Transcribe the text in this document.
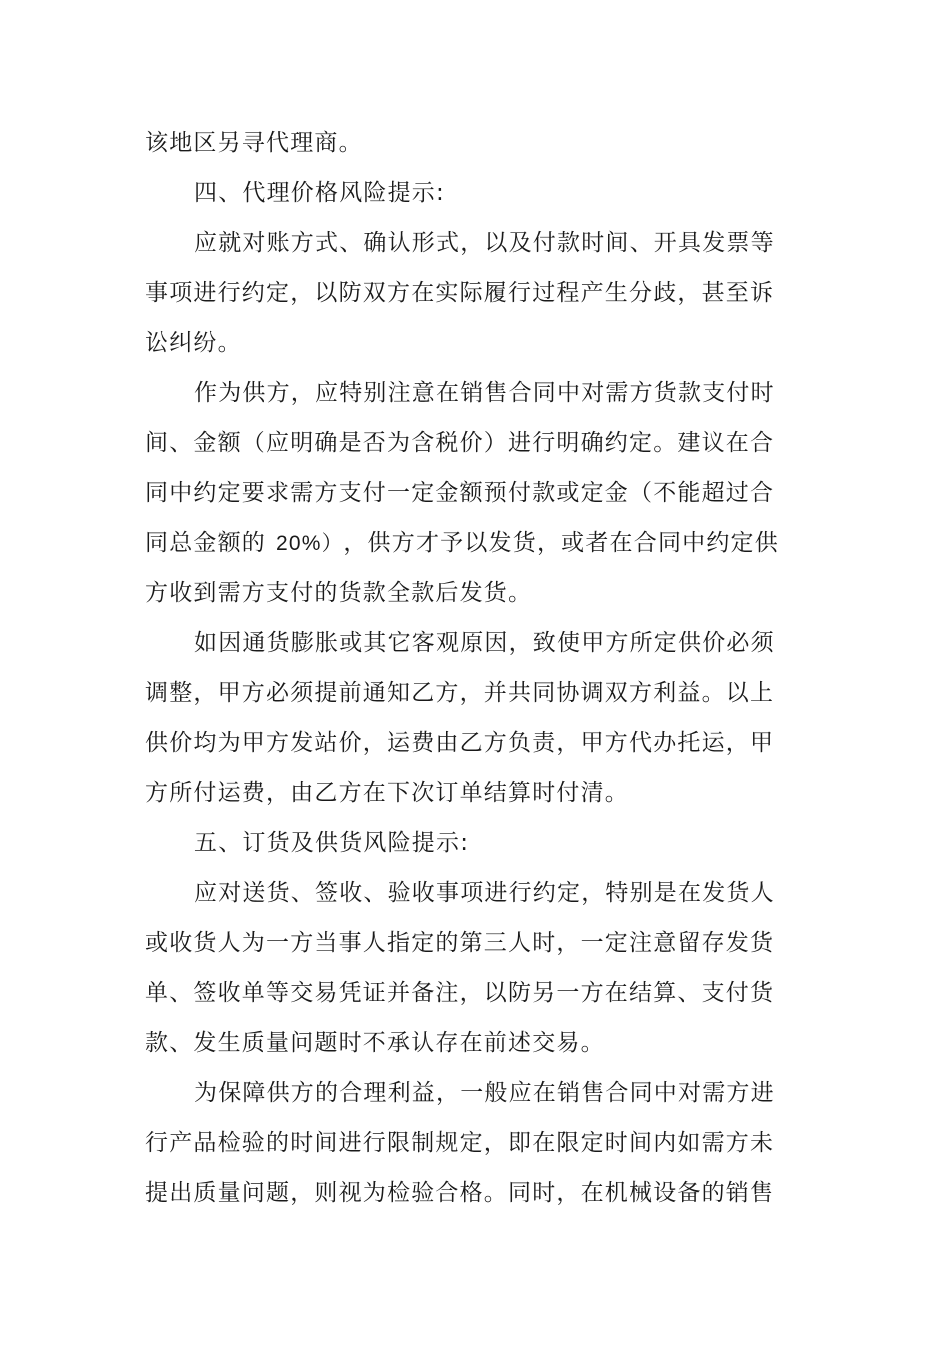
该地区另寻代理商。

四、代理价格风险提示:

应就对账方式、确认形式，以及付款时间、开具发票等

事项进行约定，以防双方在实际履行过程产生分歧，甚至诉

讼纠纷。

作为供方，应特别注意在销售合同中对需方货款支付时

间、金额（应明确是否为含税价）进行明确约定。建议在合

同中约定要求需方支付一定金额预付款或定金（不能超过合

同总金额的 20%） ，供方才予以发货，或者在合同中约定供

方收到需方支付的货款全款后发货。

如因通货膨胀或其它客观原因，致使甲方所定供价必须

调整，甲方必须提前通知乙方，并共同协调双方利益。以上

供价均为甲方发站价，运费由乙方负责，甲方代办托运，甲

方所付运费，由乙方在下次订单结算时付清。

五、订货及供货风险提示:

应对送货、签收、验收事项进行约定，特别是在发货人

或收货人为一方当事人指定的第三人时，一定注意留存发货

单、签收单等交易凭证并备注，以防另一方在结算、支付货

款、发生质量问题时不承认存在前述交易。

为保障供方的合理利益，一般应在销售合同中对需方进

行产品检验的时间进行限制规定，即在限定时间内如需方未

提出质量问题，则视为检验合格。同时，在机械设备的销售
